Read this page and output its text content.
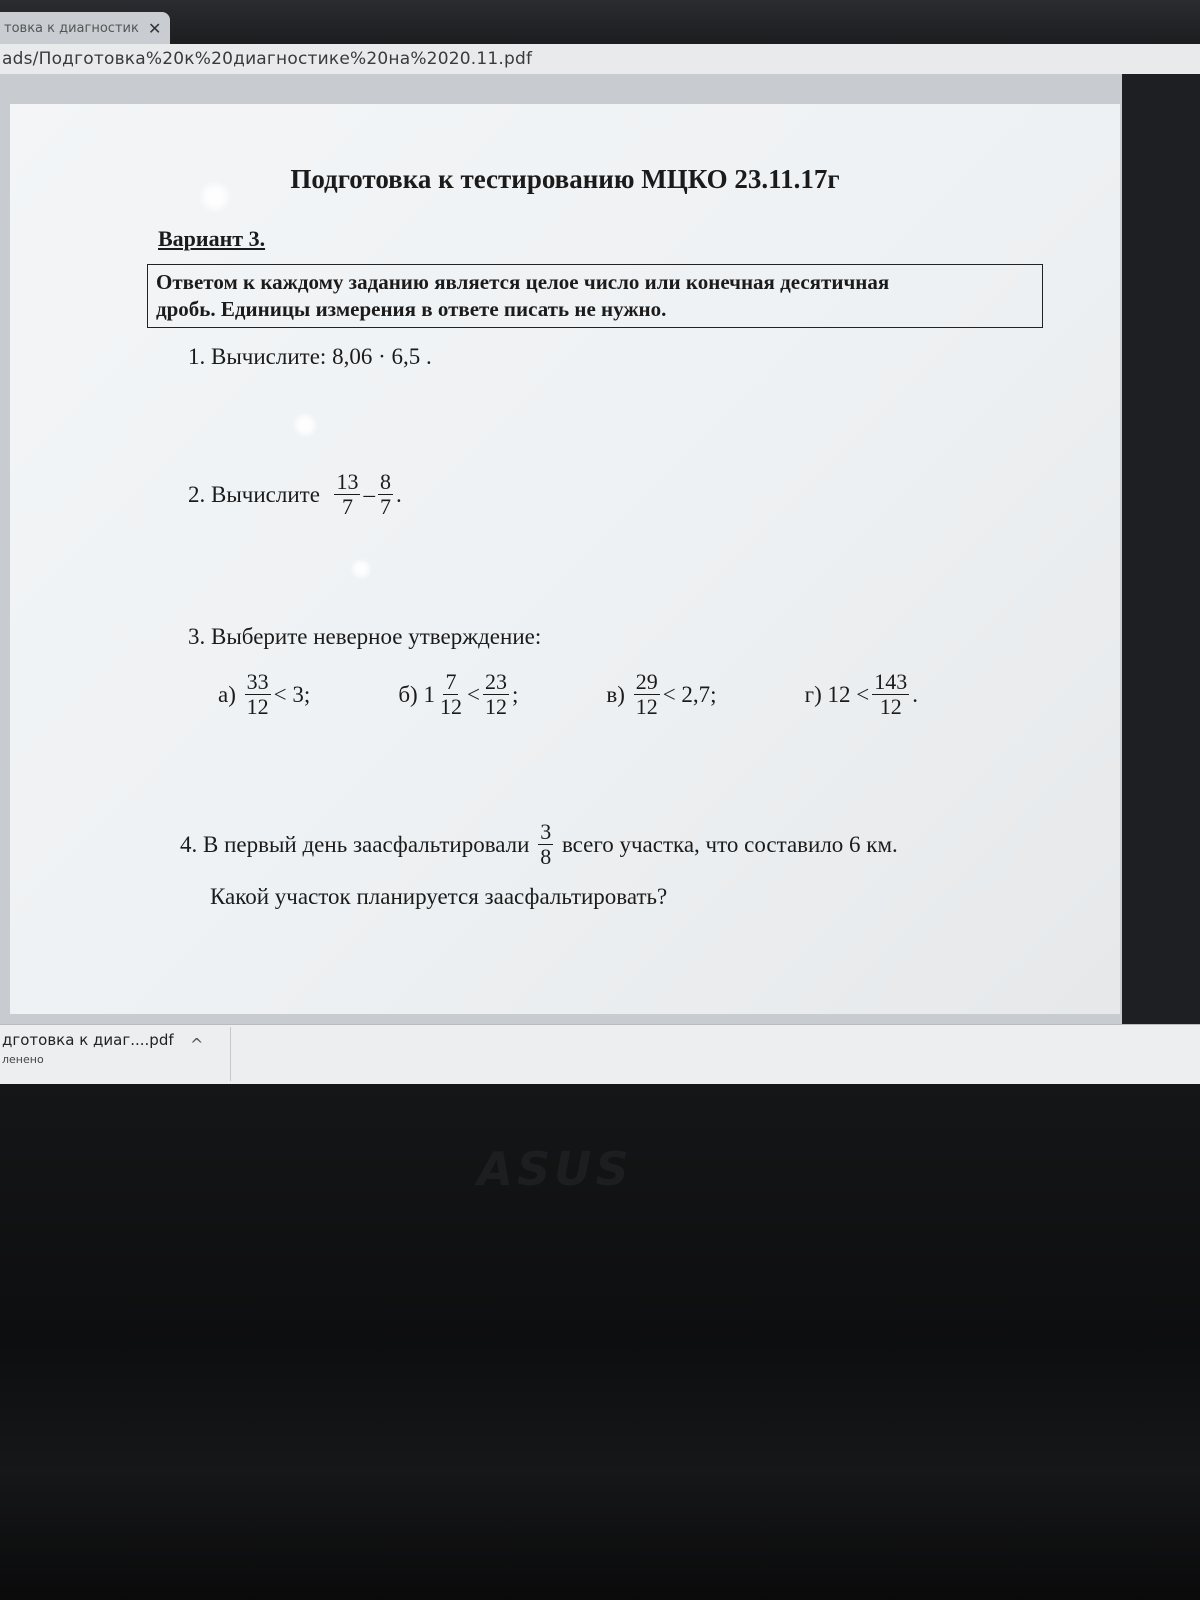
товка к диагностик ✕
ads/Подготовка%20к%20диагностике%20на%2020.11.pdf
Подготовка к тестированию МЦКО 23.11.17г
Вариант 3.
Ответом к каждому заданию является целое число или конечная десятичная
дробь. Единицы измерения в ответе писать не нужно.
1. Вычислите: 8,06 · 6,5 .
2.
Вычислите
$\frac{13}{7} - \frac{8}{7}$ .
3. Выберите неверное утверждение:
а)
$\frac{33}{12} < 3$;	б)
$1 \frac{7}{12} < \frac{23}{12}$ ;	в)
$\frac{29}{12} < 2,7$;	г)
$12 < \frac{143}{12}$ .
4.
В первый день заасфальтировали
$\frac{3}{8}$
всего участка, что составило 6 км.
Какой участок планируется заасфальтировать?
дготовка к диаг....pdf
ленено
^
ASUS
